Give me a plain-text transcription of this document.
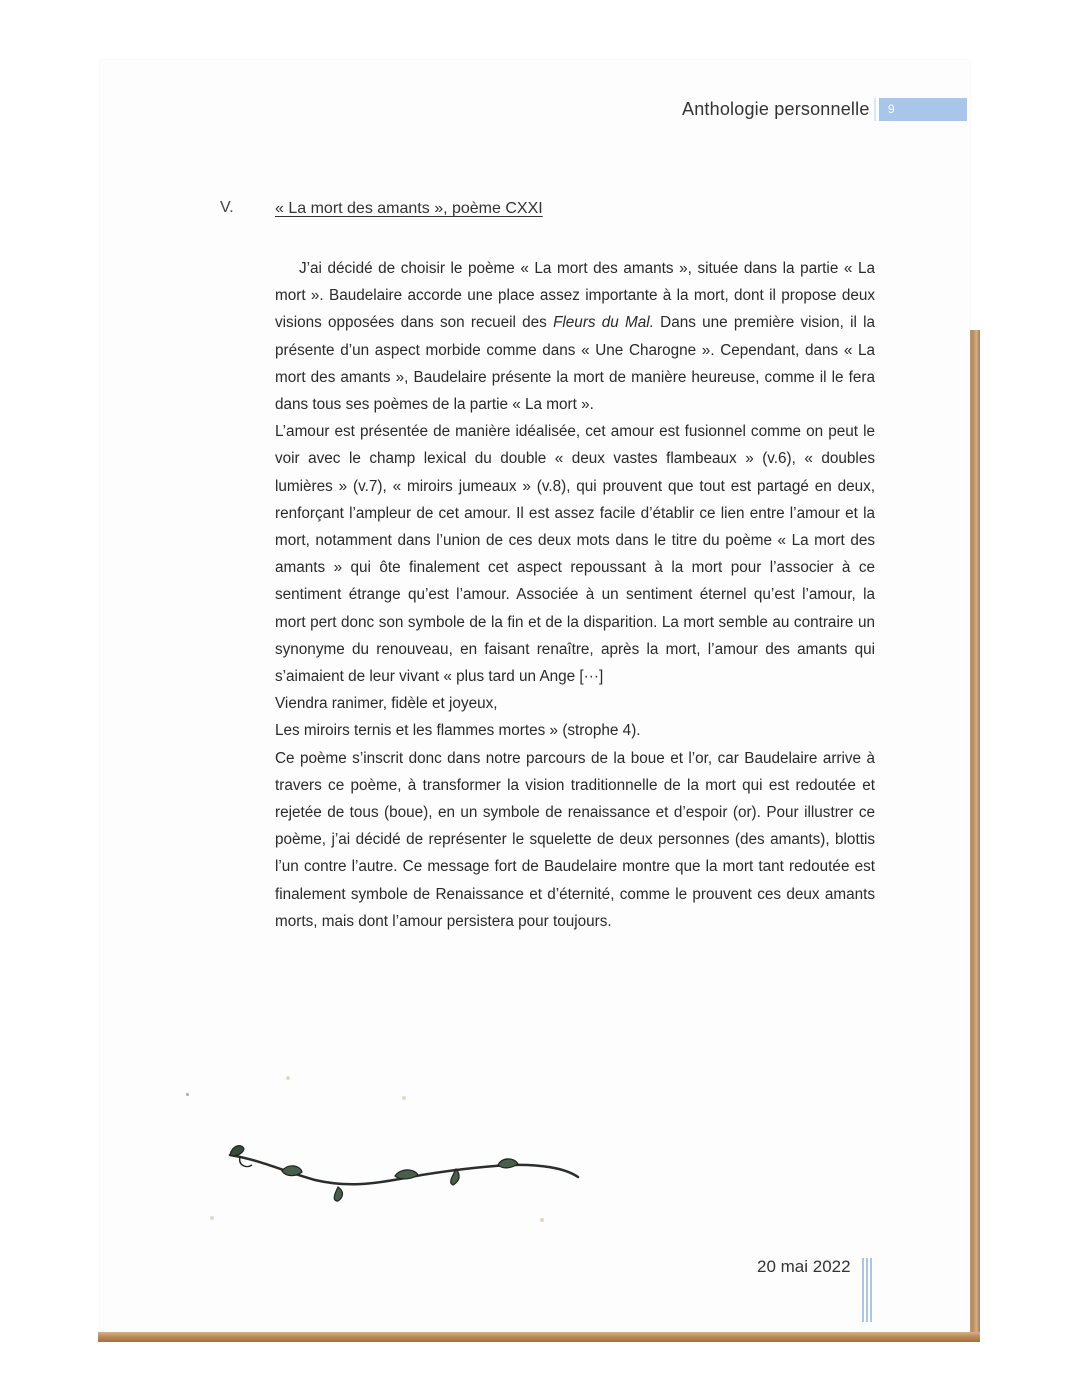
Anthologie personnelle	9
V.	« La mort des amants », poème CXXI

J’ai décidé de choisir le poème « La mort des amants », située dans la partie « La mort ». Baudelaire accorde une place assez importante à la mort, dont il propose deux visions opposées dans son recueil des Fleurs du Mal. Dans une première vision, il la présente d’un aspect morbide comme dans « Une Charogne ». Cependant, dans « La mort des amants », Baudelaire présente la mort de manière heureuse, comme il le fera dans tous ses poèmes de la partie « La mort ».

L’amour est présentée de manière idéalisée, cet amour est fusionnel comme on peut le voir avec le champ lexical du double « deux vastes flambeaux » (v.6), « doubles lumières » (v.7), « miroirs jumeaux » (v.8), qui prouvent que tout est partagé en deux, renforçant l’ampleur de cet amour. Il est assez facile d’établir ce lien entre l’amour et la mort, notamment dans l’union de ces deux mots dans le titre du poème « La mort des amants » qui ôte finalement cet aspect repoussant à la mort pour l’associer à ce sentiment étrange qu’est l’amour. Associée à un sentiment éternel qu’est l’amour, la mort pert donc son symbole de la fin et de la disparition. La mort semble au contraire un synonyme du renouveau, en faisant renaître, après la mort, l’amour des amants qui s’aimaient de leur vivant « plus tard un Ange [···]

Viendra ranimer, fidèle et joyeux,

Les miroirs ternis et les flammes mortes » (strophe 4).

Ce poème s’inscrit donc dans notre parcours de la boue et l’or, car Baudelaire arrive à travers ce poème, à transformer la vision traditionnelle de la mort qui est redoutée et rejetée de tous (boue), en un symbole de renaissance et d’espoir (or). Pour illustrer ce poème, j’ai décidé de représenter le squelette de deux personnes (des amants), blottis l’un contre l’autre. Ce message fort de Baudelaire montre que la mort tant redoutée est finalement symbole de Renaissance et d’éternité, comme le prouvent ces deux amants morts, mais dont l’amour persistera pour toujours.

20 mai 2022
